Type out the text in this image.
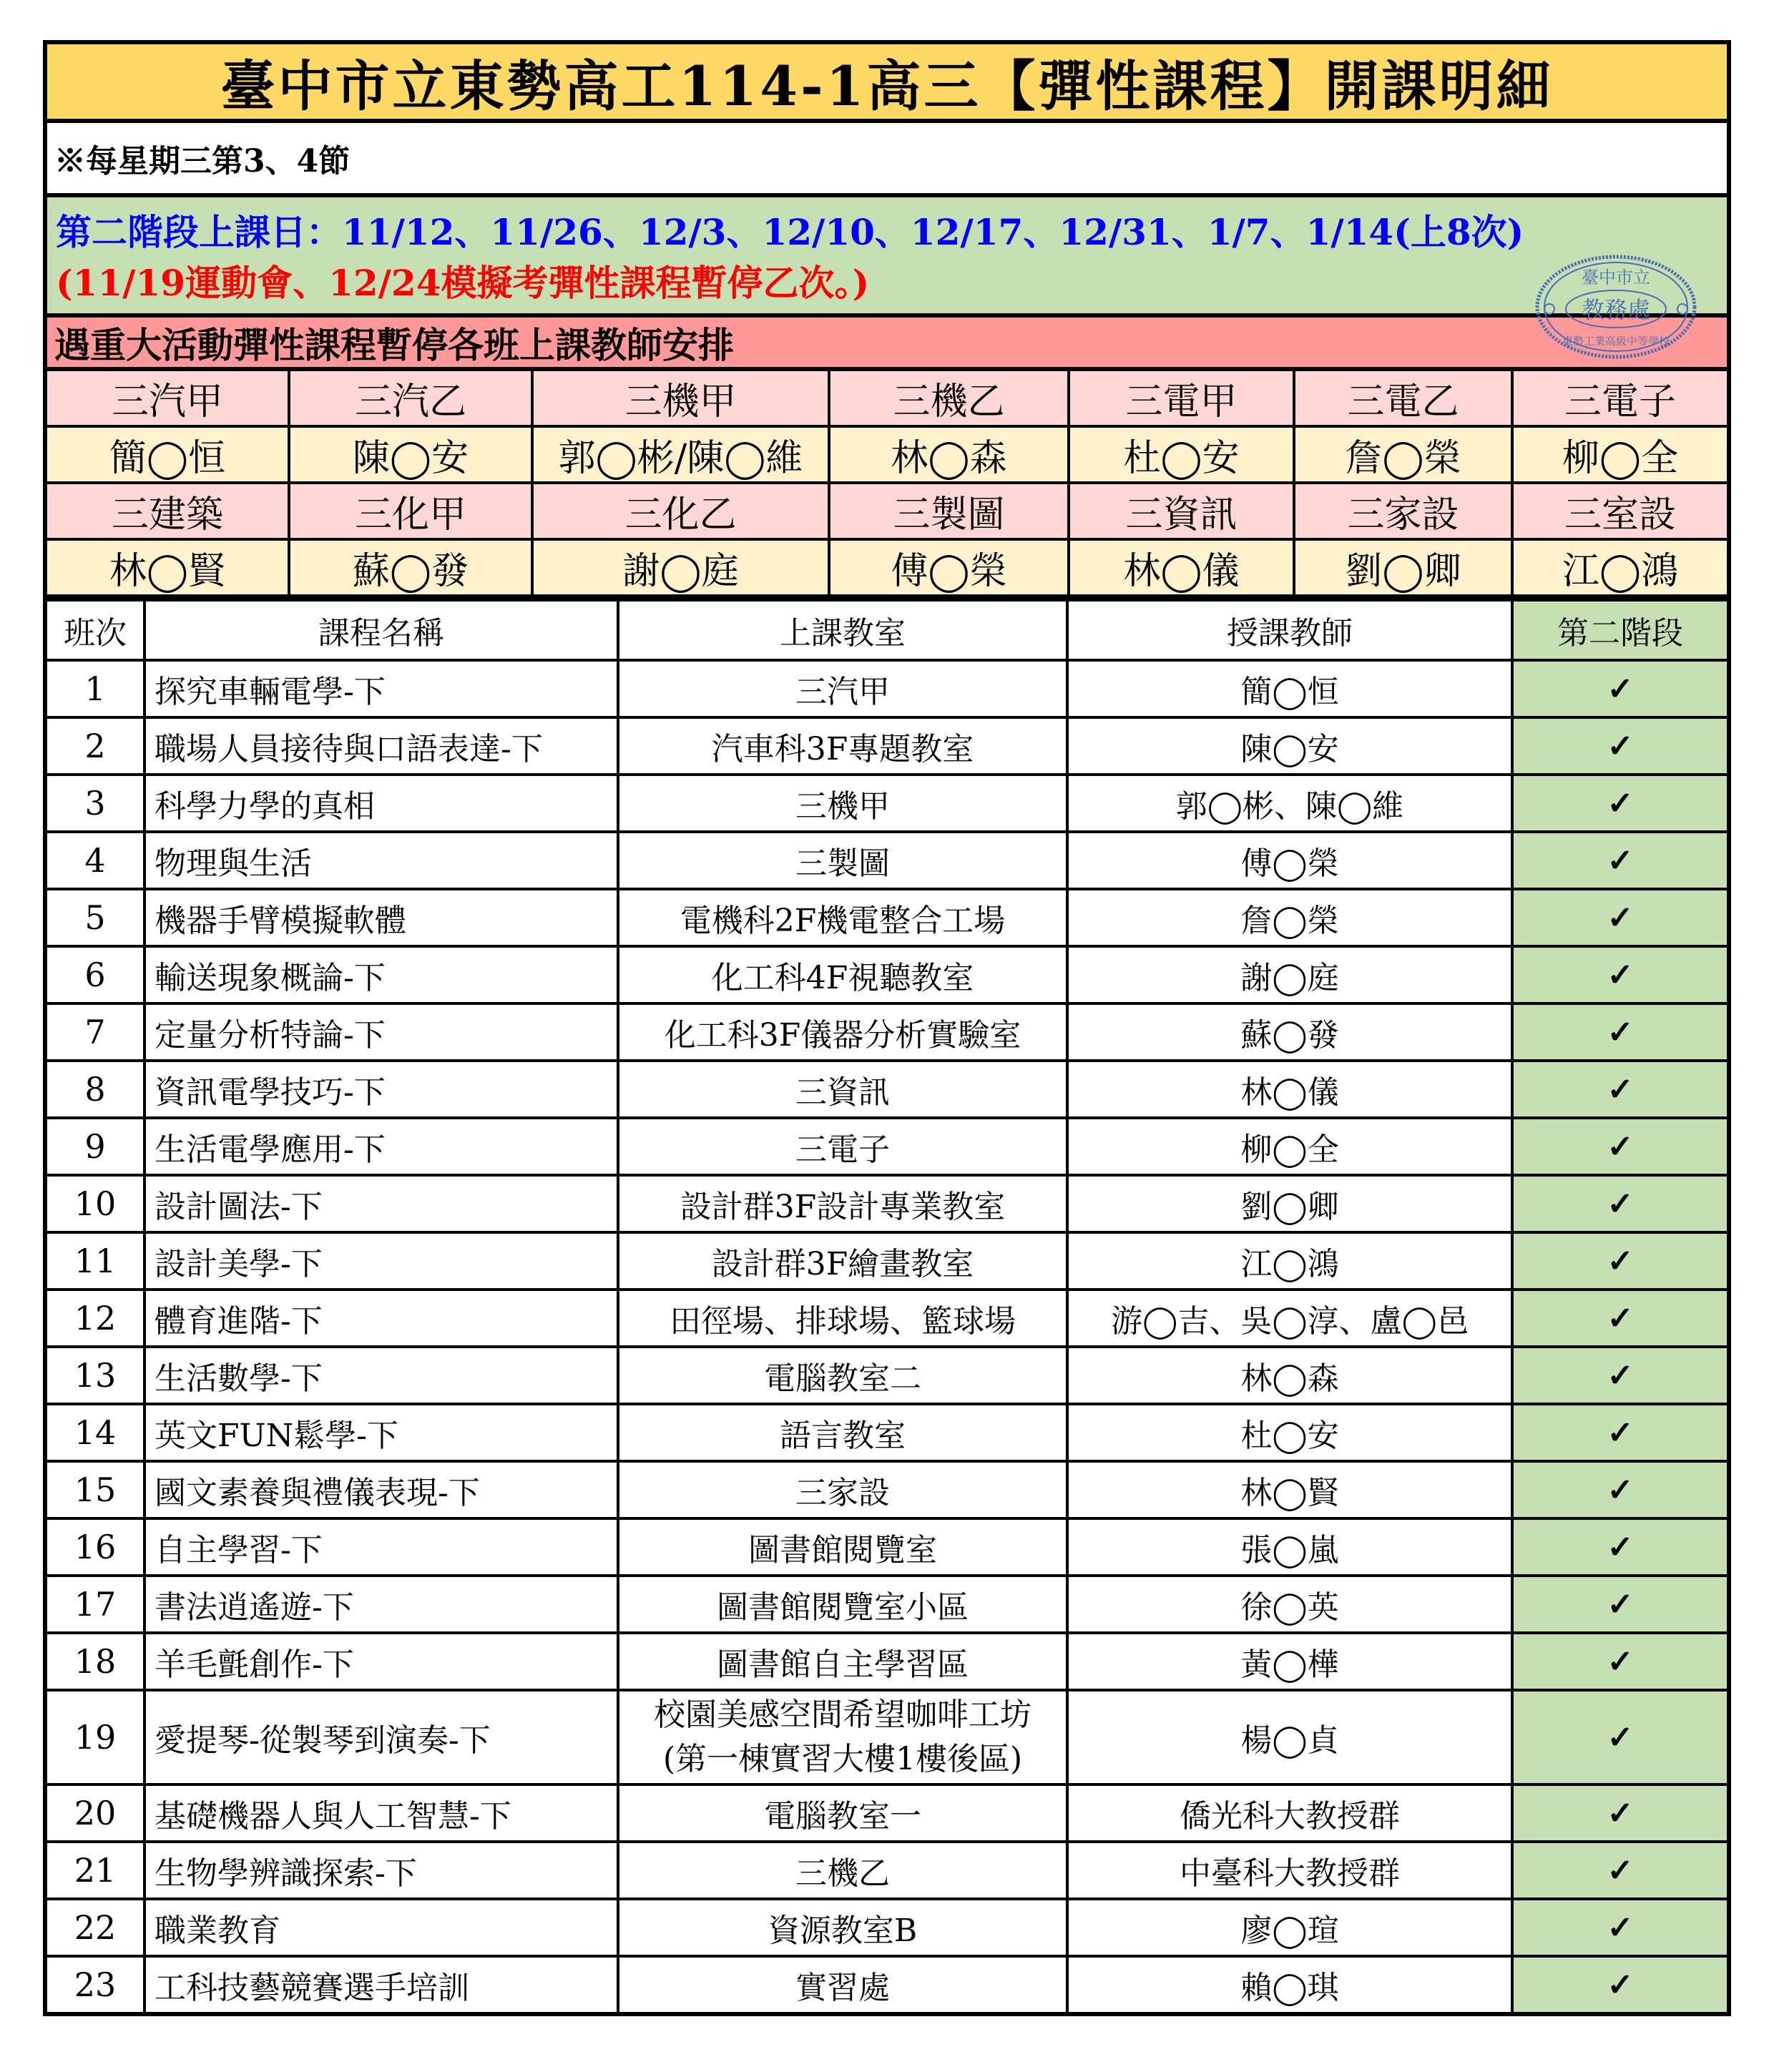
臺中市立東勢高工114-1高三【彈性課程】開課明細
※每星期三第3、4節
第二階段上課日：11/12、11/26、12/3、12/10、12/17、12/31、1/7、1/14(上8次)
(11/19運動會、12/24模擬考彈性課程暫停乙次。)	臺中市立
教務處
東勢工業高級中等學校
遇重大活動彈性課程暫停各班上課教師安排
三汽甲	三汽乙	三機甲	三機乙	三電甲	三電乙	三電子
簡◯恒	陳◯安	郭◯彬/陳◯維	林◯森	杜◯安	詹◯榮	柳◯全
三建築	三化甲	三化乙	三製圖	三資訊	三家設	三室設
林◯賢	蘇◯發	謝◯庭	傅◯榮	林◯儀	劉◯卿	江◯鴻
班次	課程名稱	上課教室	授課教師	第二階段
1	探究車輛電學-下	三汽甲	簡◯恒	✓
2	職場人員接待與口語表達-下	汽車科3F專題教室	陳◯安	✓
3	科學力學的真相	三機甲	郭◯彬、陳◯維	✓
4	物理與生活	三製圖	傅◯榮	✓
5	機器手臂模擬軟體	電機科2F機電整合工場	詹◯榮	✓
6	輸送現象概論-下	化工科4F視聽教室	謝◯庭	✓
7	定量分析特論-下	化工科3F儀器分析實驗室	蘇◯發	✓
8	資訊電學技巧-下	三資訊	林◯儀	✓
9	生活電學應用-下	三電子	柳◯全	✓
10	設計圖法-下	設計群3F設計專業教室	劉◯卿	✓
11	設計美學-下	設計群3F繪畫教室	江◯鴻	✓
12	體育進階-下	田徑場、排球場、籃球場	游◯吉、吳◯淳、盧◯邑	✓
13	生活數學-下	電腦教室二	林◯森	✓
14	英文FUN鬆學-下	語言教室	杜◯安	✓
15	國文素養與禮儀表現-下	三家設	林◯賢	✓
16	自主學習-下	圖書館閱覽室	張◯嵐	✓
17	書法逍遙遊-下	圖書館閱覽室小區	徐◯英	✓
18	羊毛氈創作-下	圖書館自主學習區	黃◯樺	✓
19	愛提琴-從製琴到演奏-下	校園美感空間希望咖啡工坊
(第一棟實習大樓1樓後區)	楊◯貞	✓
20	基礎機器人與人工智慧-下	電腦教室一	僑光科大教授群	✓
21	生物學辨識探索-下	三機乙	中臺科大教授群	✓
22	職業教育	資源教室B	廖◯瑄	✓
23	工科技藝競賽選手培訓	實習處	賴◯琪	✓
